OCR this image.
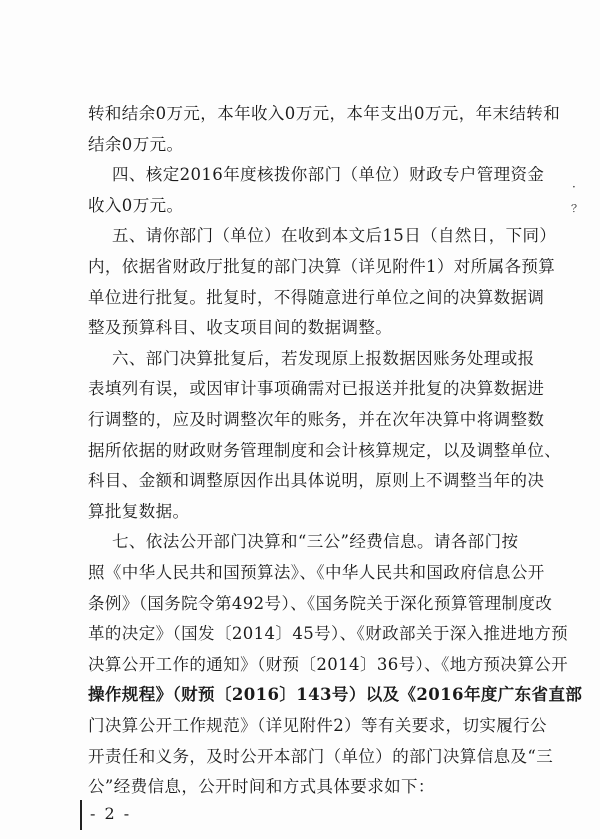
转和结余0万元，本年收入0万元，本年支出0万元，年末结转和
结余0万元。
四、核定2016年度核拨你部门（单位）财政专户管理资金
收入0万元。
五、请你部门（单位）在收到本文后15日（自然日，下同）
内，依据省财政厅批复的部门决算（详见附件1）对所属各预算
单位进行批复。批复时，不得随意进行单位之间的决算数据调
整及预算科目、收支项目间的数据调整。
六、部门决算批复后，若发现原上报数据因账务处理或报
表填列有误，或因审计事项确需对已报送并批复的决算数据进
行调整的，应及时调整次年的账务，并在次年决算中将调整数
据所依据的财政财务管理制度和会计核算规定，以及调整单位、
科目、金额和调整原因作出具体说明，原则上不调整当年的决
算批复数据。
七、依法公开部门决算和“三公”经费信息。请各部门按
照《中华人民共和国预算法》、《中华人民共和国政府信息公开
条例》（国务院令第492号）、《国务院关于深化预算管理制度改
革的决定》（国发〔2014〕45号）、《财政部关于深入推进地方预
决算公开工作的通知》（财预〔2014〕36号）、《地方预决算公开
操作规程》（财预〔2016〕143号）以及《2016年度广东省直部
门决算公开工作规范》（详见附件2）等有关要求，切实履行公
开责任和义务，及时公开本部门（单位）的部门决算信息及“三
·
﹖
- 2 -
公”经费信息，公开时间和方式具体要求如下：
